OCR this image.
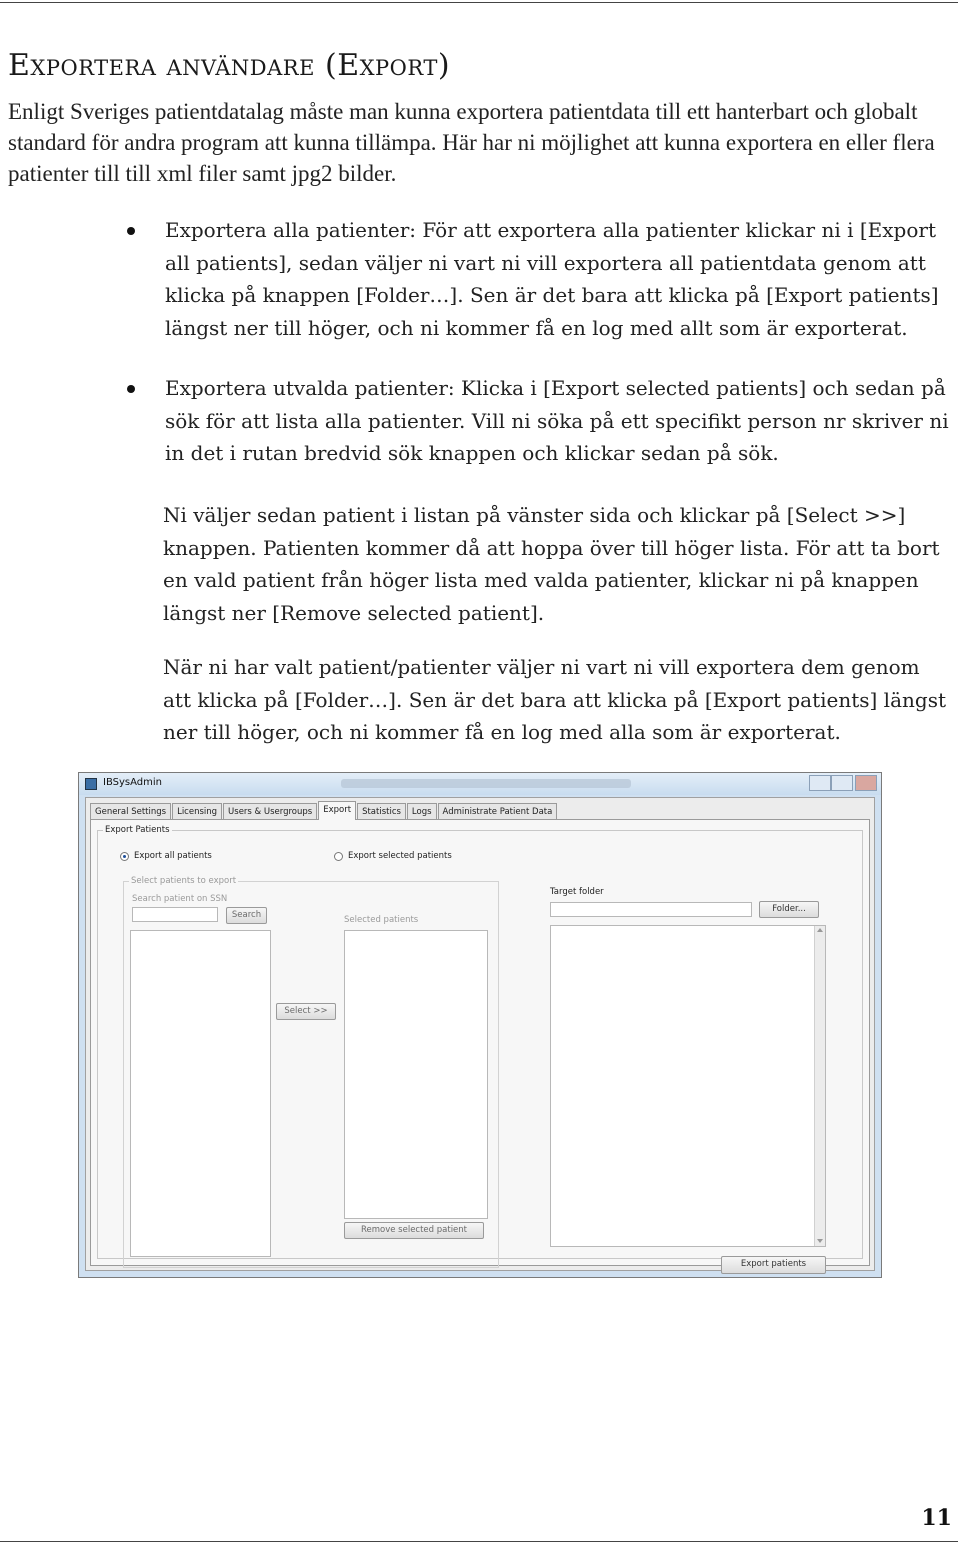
Exportera användare (Export)

Enligt Sveriges patientdatalag måste man kunna exportera patientdata till ett hanterbart och globalt standard för andra program att kunna tillämpa. Här har ni möjlighet att kunna exportera en eller flera patienter till till xml filer samt jpg2 bilder.

Exportera alla patienter: För att exportera alla patienter klickar ni i [Export all patients], sedan väljer ni vart ni vill exportera all patientdata genom att klicka på knappen [Folder…]. Sen är det bara att klicka på [Export patients] längst ner till höger, och ni kommer få en log med allt som är exporterat.
Exportera utvalda patienter: Klicka i [Export selected patients] och sedan på sök för att lista alla patienter. Vill ni söka på ett specifikt person nr skriver ni in det i rutan bredvid sök knappen och klickar sedan på sök.

Ni väljer sedan patient i listan på vänster sida och klickar på [Select >>] knappen. Patienten kommer då att hoppa över till höger lista. För att ta bort en vald patient från höger lista med valda patienter, klickar ni på knappen längst ner [Remove selected patient].

När ni har valt patient/patienter väljer ni vart ni vill exportera dem genom att klicka på [Folder…]. Sen är det bara att klicka på [Export patients] längst ner till höger, och ni kommer få en log med alla som är exporterat.

IBSysAdmin
General Settings	Licensing	Users & Usergroups	Export	Statistics	Logs	Administrate Patient Data
Export Patients
Export all patients	Export selected patients
Select patients to export
Search patient on SSN
Search
Select >>
Selected patients
Remove selected patient
Target folder
Folder...
Export patients
11
